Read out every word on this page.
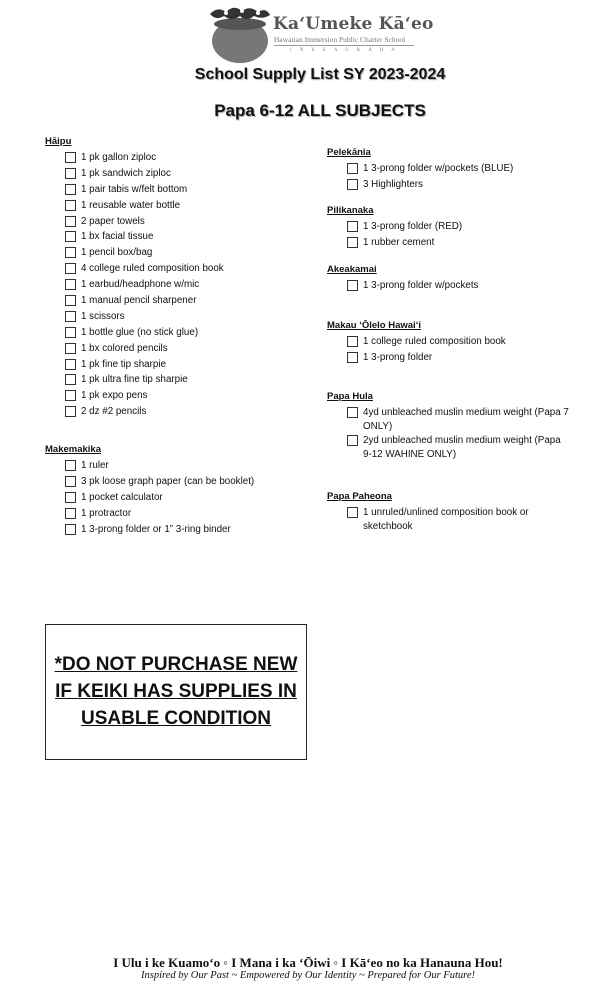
Ka‘Umeke Kā‘eo
Hawaiian Immersion Public Charter School
I N K E A U K A H A
School Supply List SY 2023-2024
Papa 6-12 ALL SUBJECTS
Hāipu
1 pk gallon ziploc
1 pk sandwich ziploc
1 pair tabis w/felt bottom
1 reusable water bottle
2 paper towels
1 bx facial tissue
1 pencil box/bag
4 college ruled composition book
1 earbud/headphone w/mic
1 manual pencil sharpener
1 scissors
1 bottle glue (no stick glue)
1 bx colored pencils
1 pk fine tip sharpie
1 pk ultra fine tip sharpie
1 pk expo pens
2 dz #2 pencils
Makemakika
1 ruler
3 pk loose graph paper (can be booklet)
1 pocket calculator
1 protractor
1 3-prong folder or 1” 3-ring binder
Pelekānia
1 3-prong folder w/pockets (BLUE)
3 Highlighters
Pilikanaka
1 3-prong folder (RED)
1 rubber cement
Akeakamai
1 3-prong folder w/pockets
Makau ‘Ōlelo Hawai‘i
1 college ruled composition book
1 3-prong folder
Papa Hula
4yd unbleached muslin medium weight (Papa 7 ONLY)
2yd unbleached muslin medium weight (Papa 9-12 WAHINE ONLY)
Papa Paheona
1 unruled/unlined composition book or sketchbook
*DO NOT PURCHASE NEW IF KEIKI HAS SUPPLIES IN USABLE CONDITION
I Ulu i ke Kuamo‘o ◦ I Mana i ka ‘Ōiwi ◦ I Kā‘eo no ka Hanauna Hou!
Inspired by Our Past ~ Empowered by Our Identity ~ Prepared for Our Future!
